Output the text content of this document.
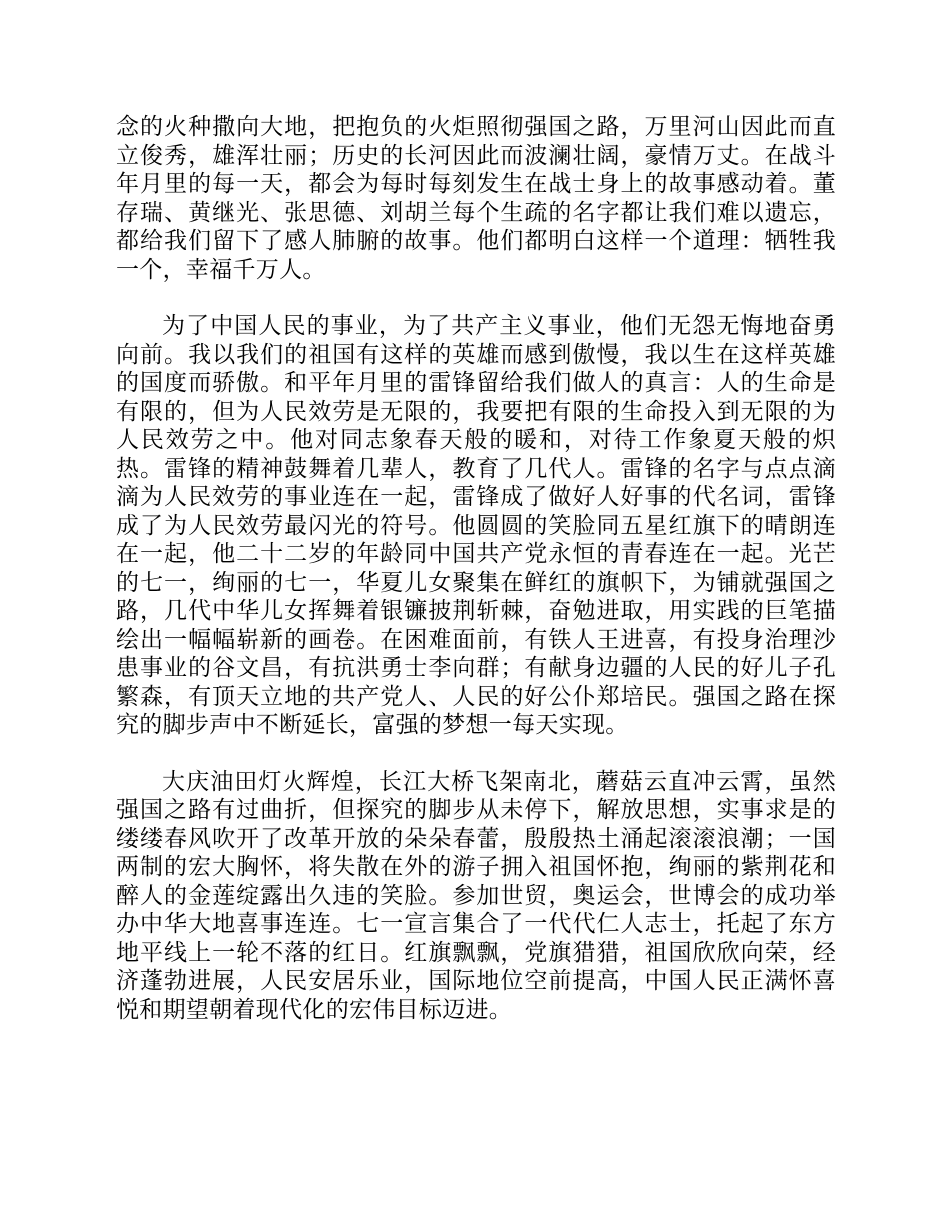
念的火种撒向大地，把抱负的火炬照彻强国之路，万里河山因此而直立俊秀，雄浑壮丽；历史的长河因此而波澜壮阔，豪情万丈。在战斗年月里的每一天，都会为每时每刻发生在战士身上的故事感动着。董存瑞、黄继光、张思德、刘胡兰每个生疏的名字都让我们难以遗忘，都给我们留下了感人肺腑的故事。他们都明白这样一个道理：牺牲我一个，幸福千万人。

为了中国人民的事业，为了共产主义事业，他们无怨无悔地奋勇向前。我以我们的祖国有这样的英雄而感到傲慢，我以生在这样英雄的国度而骄傲。和平年月里的雷锋留给我们做人的真言：人的生命是有限的，但为人民效劳是无限的，我要把有限的生命投入到无限的为人民效劳之中。他对同志象春天般的暖和，对待工作象夏天般的炽热。雷锋的精神鼓舞着几辈人，教育了几代人。雷锋的名字与点点滴滴为人民效劳的事业连在一起，雷锋成了做好人好事的代名词，雷锋成了为人民效劳最闪光的符号。他圆圆的笑脸同五星红旗下的晴朗连在一起，他二十二岁的年龄同中国共产党永恒的青春连在一起。光芒的七一，绚丽的七一，华夏儿女聚集在鲜红的旗帜下，为铺就强国之路，几代中华儿女挥舞着银镰披荆斩棘，奋勉进取，用实践的巨笔描绘出一幅幅崭新的画卷。在困难面前，有铁人王进喜，有投身治理沙患事业的谷文昌，有抗洪勇士李向群；有献身边疆的人民的好儿子孔繁森，有顶天立地的共产党人、人民的好公仆郑培民。强国之路在探究的脚步声中不断延长，富强的梦想一每天实现。

大庆油田灯火辉煌，长江大桥飞架南北，蘑菇云直冲云霄，虽然强国之路有过曲折，但探究的脚步从未停下，解放思想，实事求是的缕缕春风吹开了改革开放的朵朵春蕾，殷殷热土涌起滚滚浪潮；一国两制的宏大胸怀，将失散在外的游子拥入祖国怀抱，绚丽的紫荆花和醉人的金莲绽露出久违的笑脸。参加世贸，奥运会，世博会的成功举办中华大地喜事连连。七一宣言集合了一代代仁人志士，托起了东方地平线上一轮不落的红日。红旗飘飘，党旗猎猎，祖国欣欣向荣，经济蓬勃进展，人民安居乐业，国际地位空前提高，中国人民正满怀喜悦和期望朝着现代化的宏伟目标迈进。
